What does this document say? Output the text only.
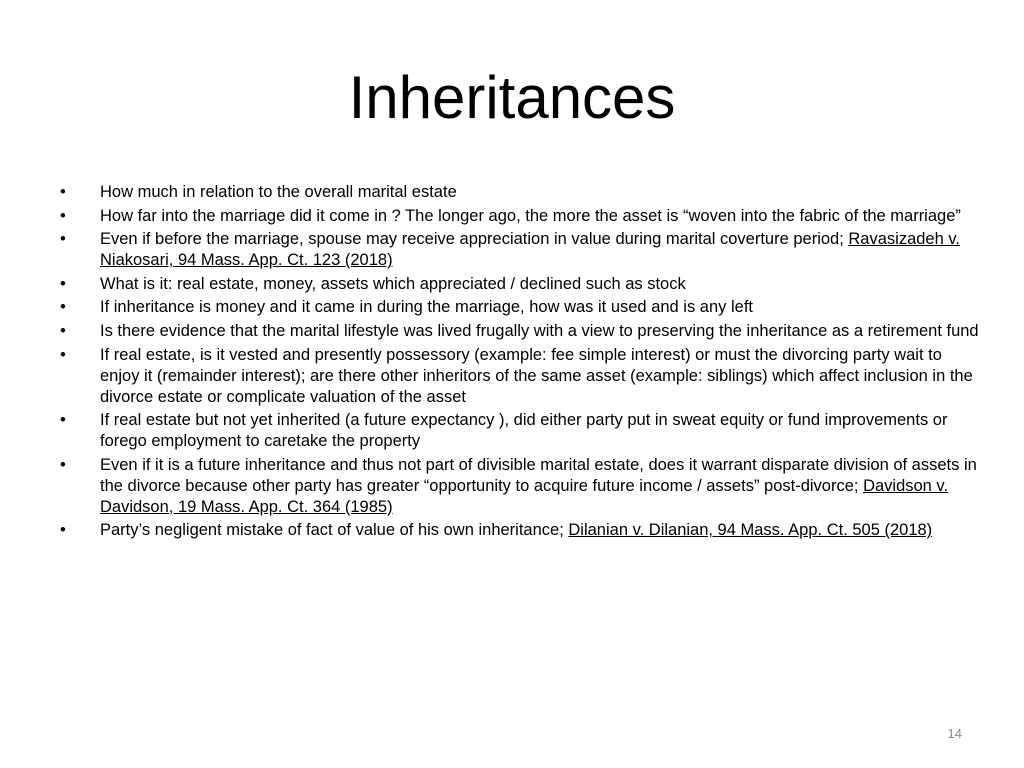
Inheritances
•	How much in relation to the overall marital estate
•	How far into the marriage did it come in ? The longer ago, the more the asset is “woven into the fabric of the marriage”
•	Even if before the marriage, spouse may receive appreciation in value during marital coverture period; Ravasizadeh v. Niakosari, 94 Mass. App. Ct. 123 (2018)
•	What is it: real estate, money, assets which appreciated / declined such as stock
•	If inheritance is money and it came in during the marriage, how was it used and is any left
•	Is there evidence that the marital lifestyle was lived frugally with a view to preserving the inheritance as a retirement fund
•	If real estate, is it vested and presently possessory (example: fee simple interest) or must the divorcing party wait to enjoy it (remainder interest); are there other inheritors of the same asset (example: siblings) which affect inclusion in the divorce estate or complicate valuation of the asset
•	If real estate but not yet inherited (a future expectancy ), did either party put in sweat equity or fund improvements or forego employment to caretake the property
•	Even if it is a future inheritance and thus not part of divisible marital estate, does it warrant disparate division of assets in the divorce because other party has greater “opportunity to acquire future income / assets” post-divorce; Davidson v. Davidson, 19 Mass. App. Ct. 364 (1985)
•	Party’s negligent mistake of fact of value of his own inheritance; Dilanian v. Dilanian, 94 Mass. App. Ct. 505 (2018)
14
